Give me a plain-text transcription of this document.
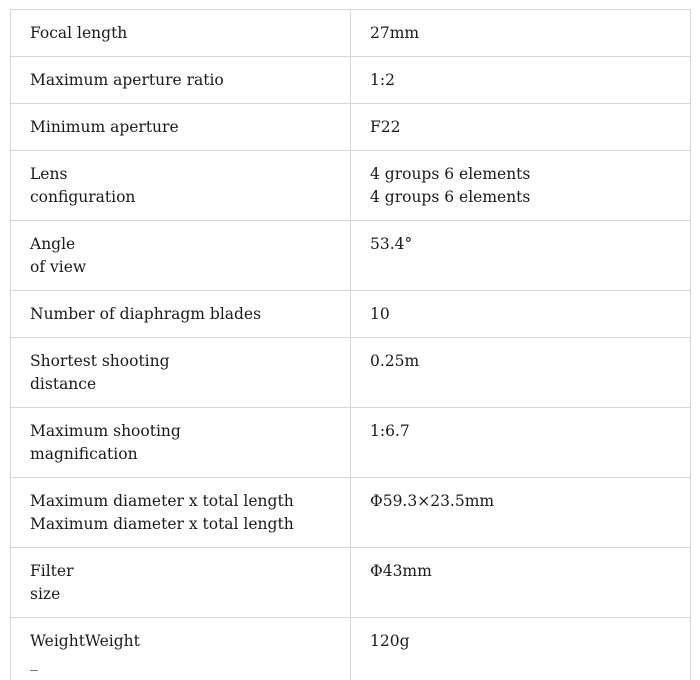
Focal length	27mm

Maximum aperture ratio	1:2

Minimum aperture	F22

Lens
configuration	4 groups 6 elements
4 groups 6 elements

Angle
of view	53.4°

Number of diaphragm blades	10

Shortest shooting
distance	0.25m

Maximum shooting
magnification	1:6.7

Maximum diameter x total length
Maximum diameter x total length	Φ59.3×23.5mm

Filter
size	Φ43mm

WeightWeight
_	120g
